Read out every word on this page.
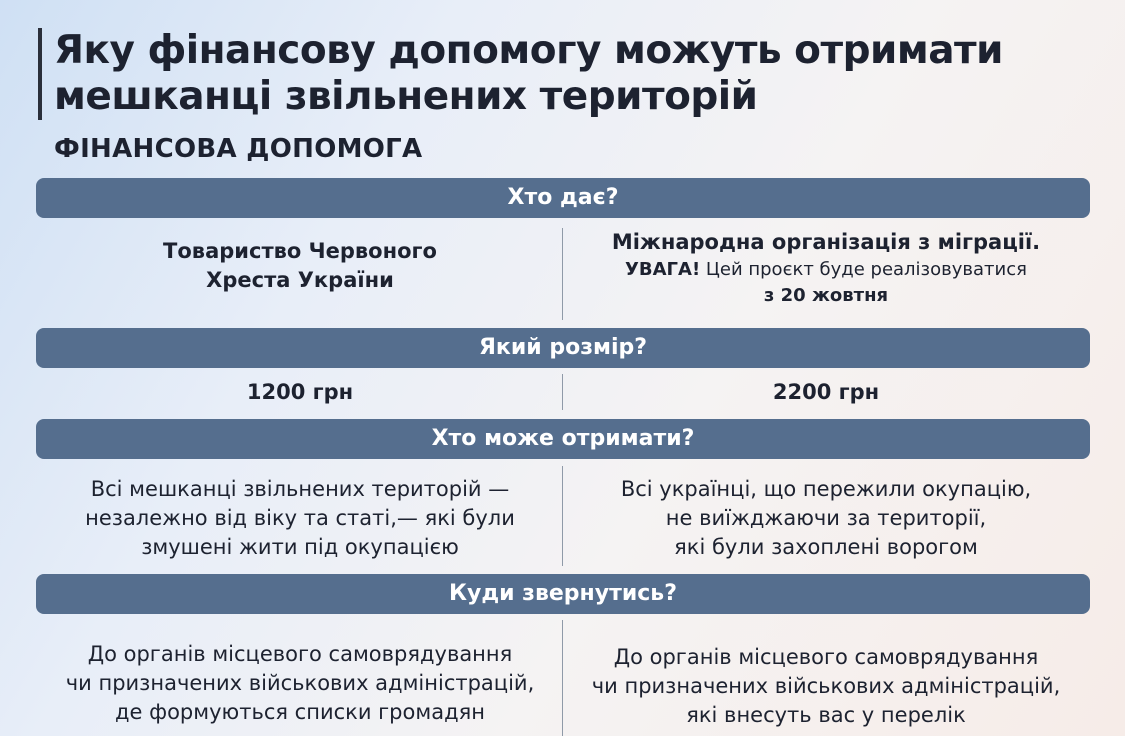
Яку фінансову допомогу можуть отримати
мешканці звільнених територій
ФІНАНСОВА ДОПОМОГА
Хто дає?
Товариство Червоного
Хреста України
Міжнародна організація з міграції.
УВАГА! Цей проєкт буде реалізовуватися
з 20 жовтня
Який розмір?
1200 грн	2200 грн
Хто може отримати?
Всі мешканці звільнених територій —
незалежно від віку та статі,— які були
змушені жити під окупацією
Всі українці, що пережили окупацію,
не виїжджаючи за території,
які були захоплені ворогом
Куди звернутись?
До органів місцевого самоврядування
чи призначених військових адміністрацій,
де формуються списки громадян
До органів місцевого самоврядування
чи призначених військових адміністрацій,
які внесуть вас у перелік
